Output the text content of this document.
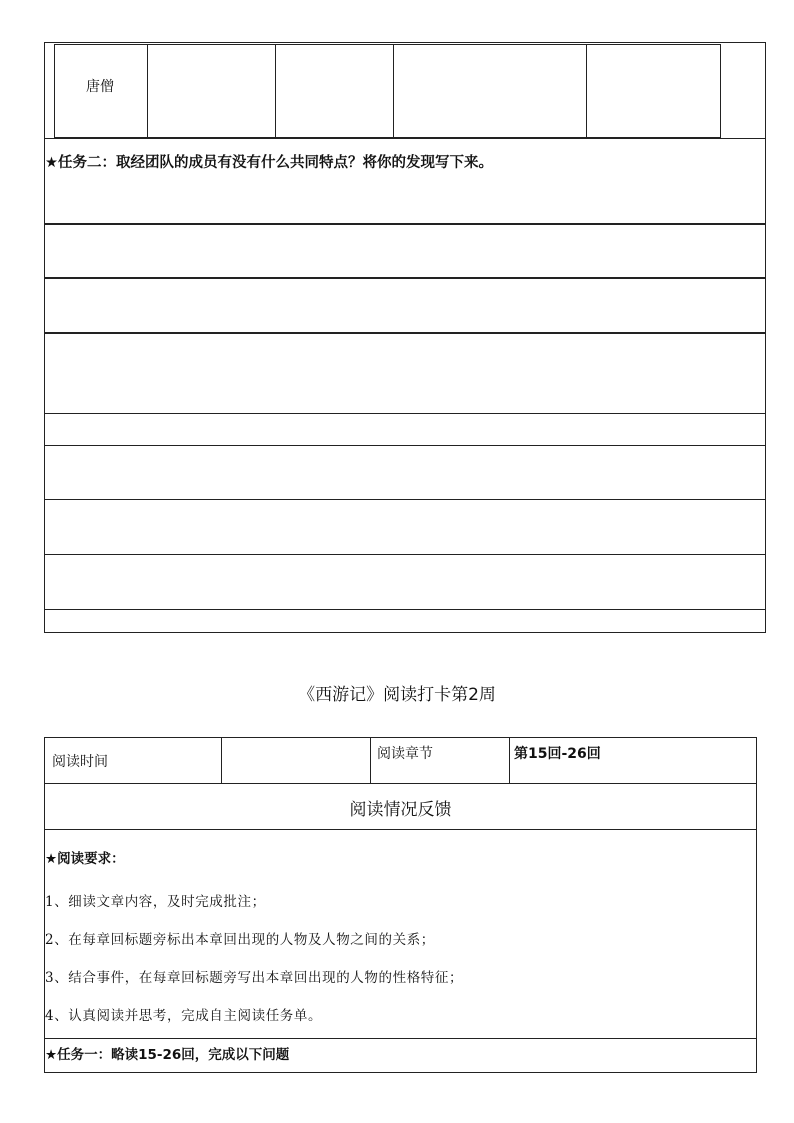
唐僧
★任务二：取经团队的成员有没有什么共同特点？将你的发现写下来。
《西游记》阅读打卡第2周
阅读时间	阅读章节	第15回-26回
阅读情况反馈
★阅读要求：
1、细读文章内容，及时完成批注；
2、在每章回标题旁标出本章回出现的人物及人物之间的关系；
3、结合事件，在每章回标题旁写出本章回出现的人物的性格特征；
4、认真阅读并思考，完成自主阅读任务单。
★任务一：略读15-26回，完成以下问题
